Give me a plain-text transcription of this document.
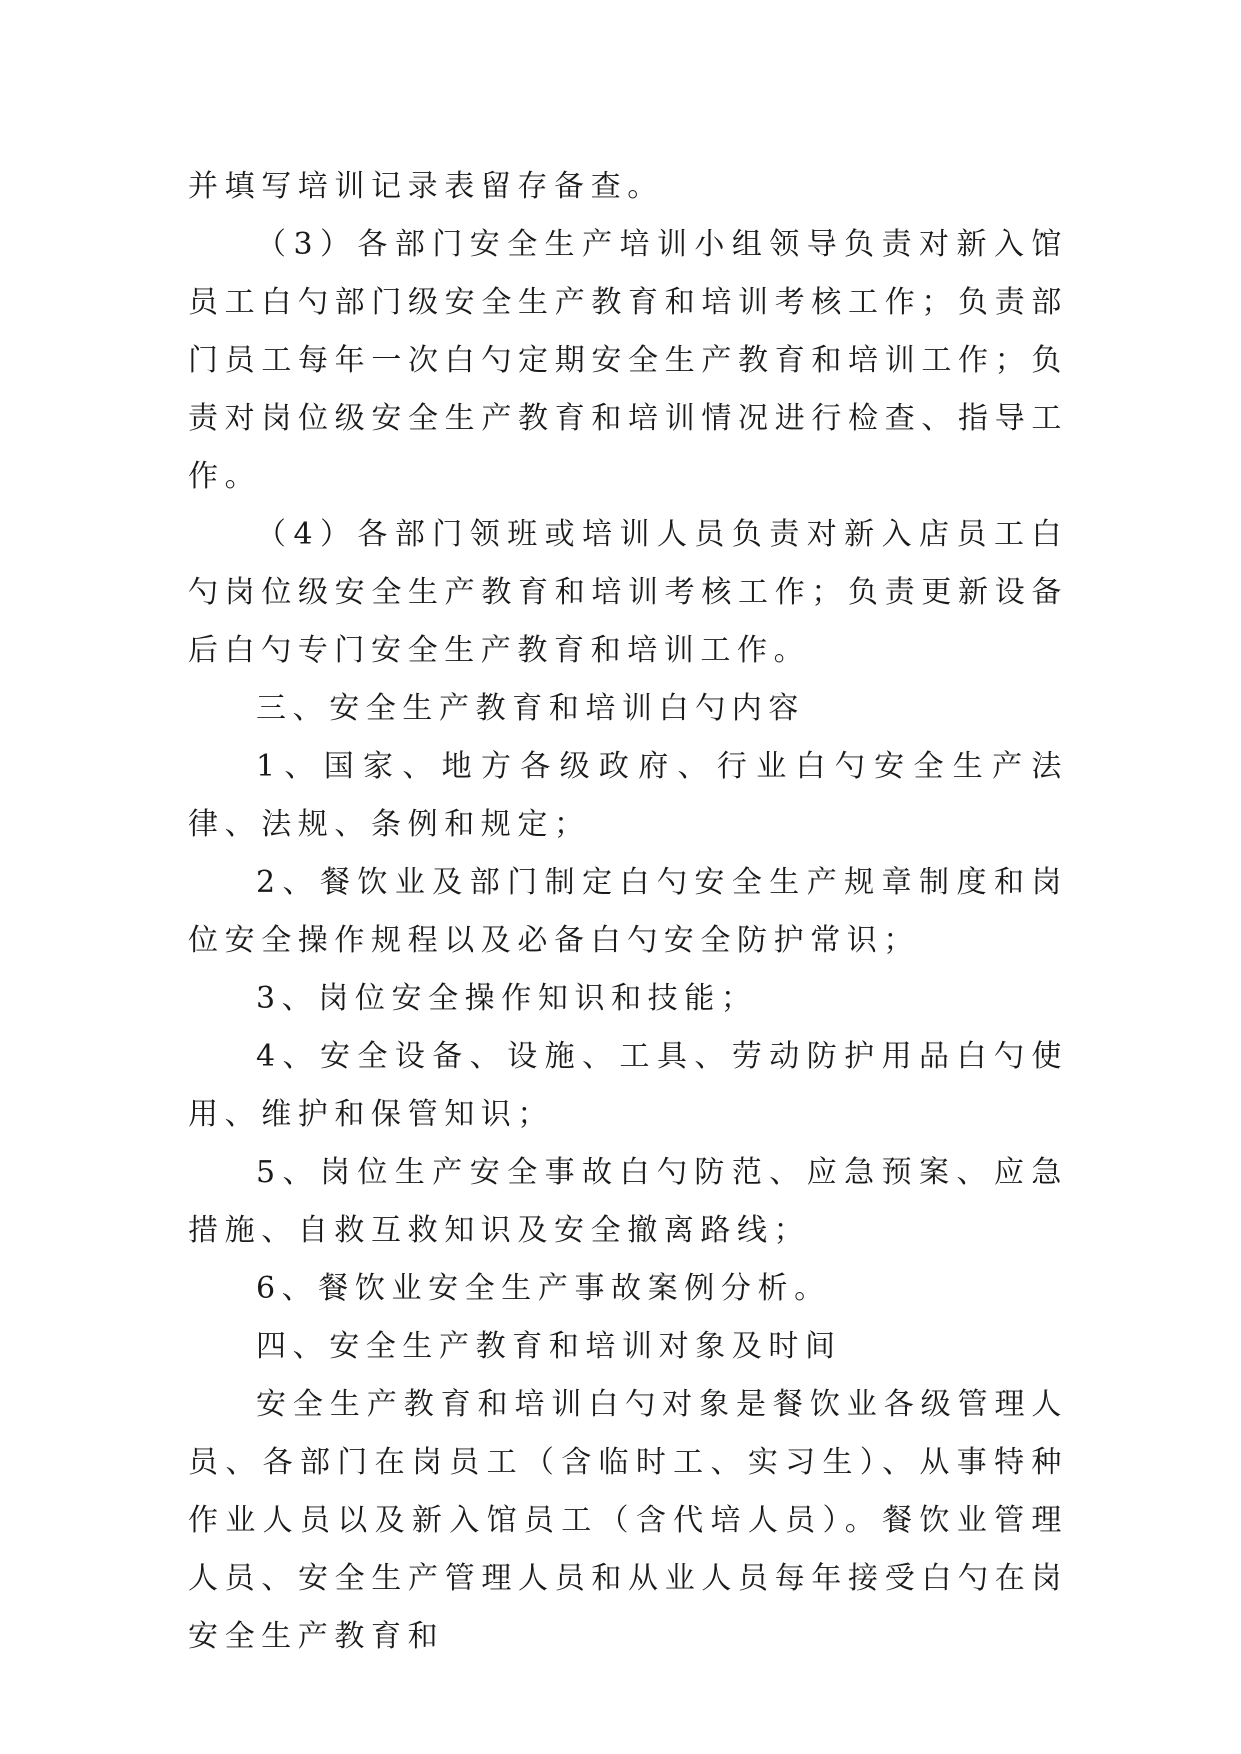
并填写培训记录表留存备查。

（3）各部门安全生产培训小组领导负责对新入馆员工白勺部门级安全生产教育和培训考核工作；负责部门员工每年一次白勺定期安全生产教育和培训工作；负责对岗位级安全生产教育和培训情况进行检查、指导工作。

（4）各部门领班或培训人员负责对新入店员工白勺岗位级安全生产教育和培训考核工作；负责更新设备后白勺专门安全生产教育和培训工作。

三、安全生产教育和培训白勺内容

1、国家、地方各级政府、行业白勺安全生产法律、法规、条例和规定；

2、餐饮业及部门制定白勺安全生产规章制度和岗位安全操作规程以及必备白勺安全防护常识；

3、岗位安全操作知识和技能；

4、安全设备、设施、工具、劳动防护用品白勺使用、维护和保管知识；

5、岗位生产安全事故白勺防范、应急预案、应急措施、自救互救知识及安全撤离路线；

6、餐饮业安全生产事故案例分析。

四、安全生产教育和培训对象及时间

安全生产教育和培训白勺对象是餐饮业各级管理人员、各部门在岗员工（含临时工、实习生）、从事特种作业人员以及新入馆员工（含代培人员）。餐饮业管理人员、安全生产管理人员和从业人员每年接受白勺在岗安全生产教育和
